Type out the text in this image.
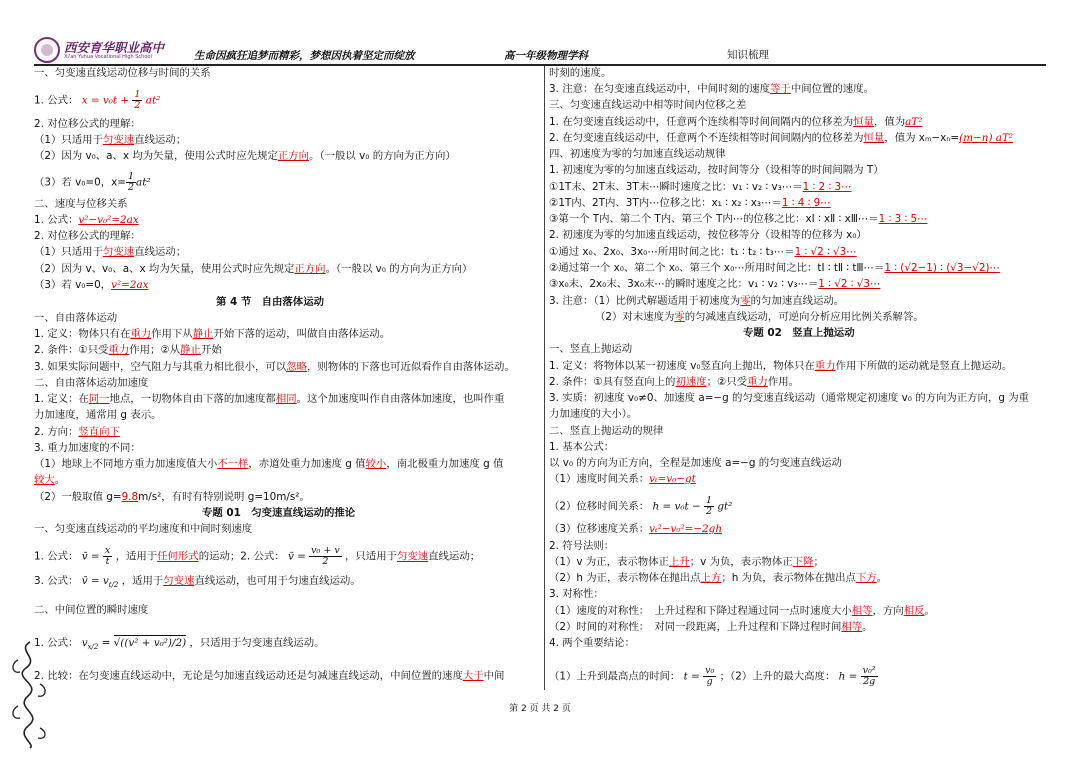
西安育华职业高中
Xi'an Yuhua Vocational High School	生命因疯狂追梦而精彩，梦想因执着坚定而绽放	高一年级物理学科	知识梳理
一、匀变速直线运动位移与时间的关系
1. 公式： $x = v_0t + \frac{1}{2} at^2$
2. 对位移公式的理解：
（1）只适用于匀变速直线运动；
（2）因为 v₀、a、x 均为矢量，使用公式时应先规定正方向。（一般以 v₀ 的方向为正方向）
（3）若 v₀=0，$x= \frac{1}{2} at^2$
二、速度与位移关系
1. 公式：v²−v₀²=2ax
2. 对位移公式的理解：
（1）只适用于匀变速直线运动；
（2）因为 v、v₀、a、x 均为矢量，使用公式时应先规定正方向。（一般以 v₀ 的方向为正方向）
（3）若 v₀=0，v²=2ax
第 4 节　自由落体运动
一、自由落体运动
1. 定义：物体只有在重力作用下从静止开始下落的运动，叫做自由落体运动。
2. 条件：①只受重力作用；②从静止开始
3. 如果实际问题中，空气阻力与其重力相比很小，可以忽略，则物体的下落也可近似看作自由落体运动。
二、自由落体运动加速度
1. 定义：在同一地点，一切物体自由下落的加速度都相同。这个加速度叫作自由落体加速度，也叫作重
力加速度，通常用 g 表示。
2. 方向：竖直向下
3. 重力加速度的不同：
（1）地球上不同地方重力加速度值大小不一样，赤道处重力加速度 g 值较小，南北极重力加速度 g 值
较大。
（2）一般取值 g=9.8m/s²，有时有特别说明 g=10m/s²。
专题 01　匀变速直线运动的推论
一、匀变速直线运动的平均速度和中间时刻速度
1. 公式： v̄ = $\frac{x}{t}$ ，适用于任何形式的运动；2. 公式： v̄ = $\frac{\text{v₀ + v}}{2}$ ，只适用于匀变速直线运动；
3. 公式： v̄ = $v_{t/2}$ ，适用于匀变速直线运动，也可用于匀速直线运动。
二、中间位置的瞬时速度
1. 公式： $v_{x/2} = √((v^2 + v_0^2)/2)$ ，只适用于匀变速直线运动。
2. 比较：在匀变速直线运动中，无论是匀加速直线运动还是匀减速直线运动，中间位置的速度大于中间
时刻的速度。
3. 注意：在匀变速直线运动中，中间时刻的速度等于中间位置的速度。
三、匀变速直线运动中相等时间内位移之差
1. 在匀变速直线运动中，任意两个连续相等时间间隔内的位移差为恒量，值为aT²
2. 在匀变速直线运动中，任意两个不连续相等时间间隔内的位移差为恒量，值为 xₘ−xₙ=(m−n) aT²
四、初速度为零的匀加速直线运动规律
1. 初速度为零的匀加速直线运动，按时间等分（设相等的时间间隔为 T）
①1T末、2T末、3T末⋯瞬时速度之比：v₁ ∶ v₂ ∶ v₃⋯＝1 ∶ 2 ∶ 3⋯
②1T内、2T内、3T内⋯位移之比：x₁ ∶ x₂ ∶ x₃⋯＝1 ∶ 4 ∶ 9⋯
③第一个 T内、第二个 T内、第三个 T内⋯的位移之比：xⅠ ∶ xⅡ ∶ xⅢ⋯＝1 ∶ 3 ∶ 5⋯
2. 初速度为零的匀加速直线运动，按位移等分（设相等的位移为 x₀）
①通过 x₀、2x₀、3x₀⋯所用时间之比：t₁ ∶ t₂ ∶ t₃⋯＝1 ∶ √2 ∶ √3⋯
②通过第一个 x₀、第二个 x₀、第三个 x₀⋯所用时间之比：tⅠ ∶ tⅡ ∶ tⅢ⋯＝1 ∶ (√2−1) ∶ (√3−√2)⋯
③x₀末、2x₀末、3x₀末⋯的瞬时速度之比：v₁ ∶ v₂ ∶ v₃⋯＝1 ∶ √2 ∶ √3⋯
3. 注意：（1）比例式解题适用于初速度为零的匀加速直线运动。
（2）对末速度为零的匀减速直线运动，可逆向分析应用比例关系解答。
专题 02　竖直上抛运动
一、竖直上抛运动
1. 定义：将物体以某一初速度 v₀竖直向上抛出，物体只在重力作用下所做的运动就是竖直上抛运动。
2. 条件：①具有竖直向上的初速度；②只受重力作用。
3. 实质：初速度 v₀≠0、加速度 a=−g 的匀变速直线运动（通常规定初速度 v₀ 的方向为正方向，g 为重
力加速度的大小）。
二、竖直上抛运动的规律
1. 基本公式：
以 v₀ 的方向为正方向，全程是加速度 a=−g 的匀变速直线运动
（1）速度时间关系：vₜ=v₀−gt
（2）位移时间关系： $h = v_0t - \frac{1}{2} gt^2$
（3）位移速度关系：vₜ²−v₀²=−2gh
2. 符号法则：
（1）v 为正，表示物体正上升；v 为负，表示物体正下降；
（2）h 为正，表示物体在抛出点上方；h 为负，表示物体在抛出点下方。
3. 对称性：
（1）速度的对称性：　上升过程和下降过程通过同一点时速度大小相等，方向相反。
（2）时间的对称性：　对同一段距离，上升过程和下降过程时间相等。
4. 两个重要结论：
（1）上升到最高点的时间： $t = \frac{\text{v₀}}{g}$ ；（2）上升的最大高度： $h = \frac{\text{v₀²}}{2g}$
第 2 页 共 2 页
